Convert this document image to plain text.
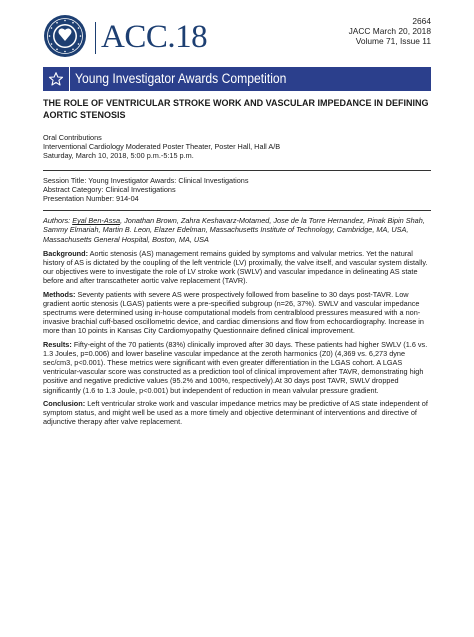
ACC.18	2664
JACC March 20, 2018
Volume 71, Issue 11
Young Investigator Awards Competition
THE ROLE OF VENTRICULAR STROKE WORK AND VASCULAR IMPEDANCE IN DEFINING AORTIC STENOSIS
Oral Contributions
Interventional Cardiology Moderated Poster Theater, Poster Hall, Hall A/B
Saturday, March 10, 2018, 5:00 p.m.-5:15 p.m.
Session Title: Young Investigator Awards: Clinical Investigations
Abstract Category: Clinical Investigations
Presentation Number: 914-04
Authors: Eyal Ben-Assa, Jonathan Brown, Zahra Keshavarz-Motamed, Jose de la Torre Hernandez, Pinak Bipin Shah, Sammy Elmariah, Martin B. Leon, Elazer Edelman, Massachusetts Institute of Technology, Cambridge, MA, USA, Massachusetts General Hospital, Boston, MA, USA
Background: Aortic stenosis (AS) management remains guided by symptoms and valvular metrics. Yet the natural history of AS is dictated by the coupling of the left ventricle (LV) proximally, the valve itself, and vascular system distally. our objectives were to investigate the role of LV stroke work (SWLV) and vascular impedance in delineating AS state before and after transcatheter aortic valve replacement (TAVR).
Methods: Seventy patients with severe AS were prospectively followed from baseline to 30 days post-TAVR. Low gradient aortic stenosis (LGAS) patients were a pre-specified subgroup (n=26, 37%). SWLV and vascular impedance spectrums were determined using in-house computational models from centralblood pressures measured with a non-invasive brachial cuff-based oscillometric device, and cardiac dimensions and flow from echocardiography. Increase in more than 10 points in Kansas City Cardiomyopathy Questionnaire defined clinical improvement.
Results: Fifty-eight of the 70 patients (83%) clinically improved after 30 days. These patients had higher SWLV (1.6 vs. 1.3 Joules, p=0.006) and lower baseline vascular impedance at the zeroth harmonics (Z0) (4,369 vs. 6,273 dyne sec/cm3, p<0.001). These metrics were significant with even greater differentiation in the LGAS cohort. A LGAS ventricular-vascular score was constructed as a prediction tool of clinical improvement after TAVR, demonstrating high positive and negative predictive values (95.2% and 100%, respectively).At 30 days post TAVR, SWLV dropped significantly (1.6 to 1.3 Joule, p<0.001) but independent of reduction in mean valvular pressure gradient.
Conclusion: Left ventricular stroke work and vascular impedance metrics may be predictive of AS state independent of symptom status, and might well be used as a more timely and objective determinant of interventions and directive of adjunctive therapy after valve replacement.
